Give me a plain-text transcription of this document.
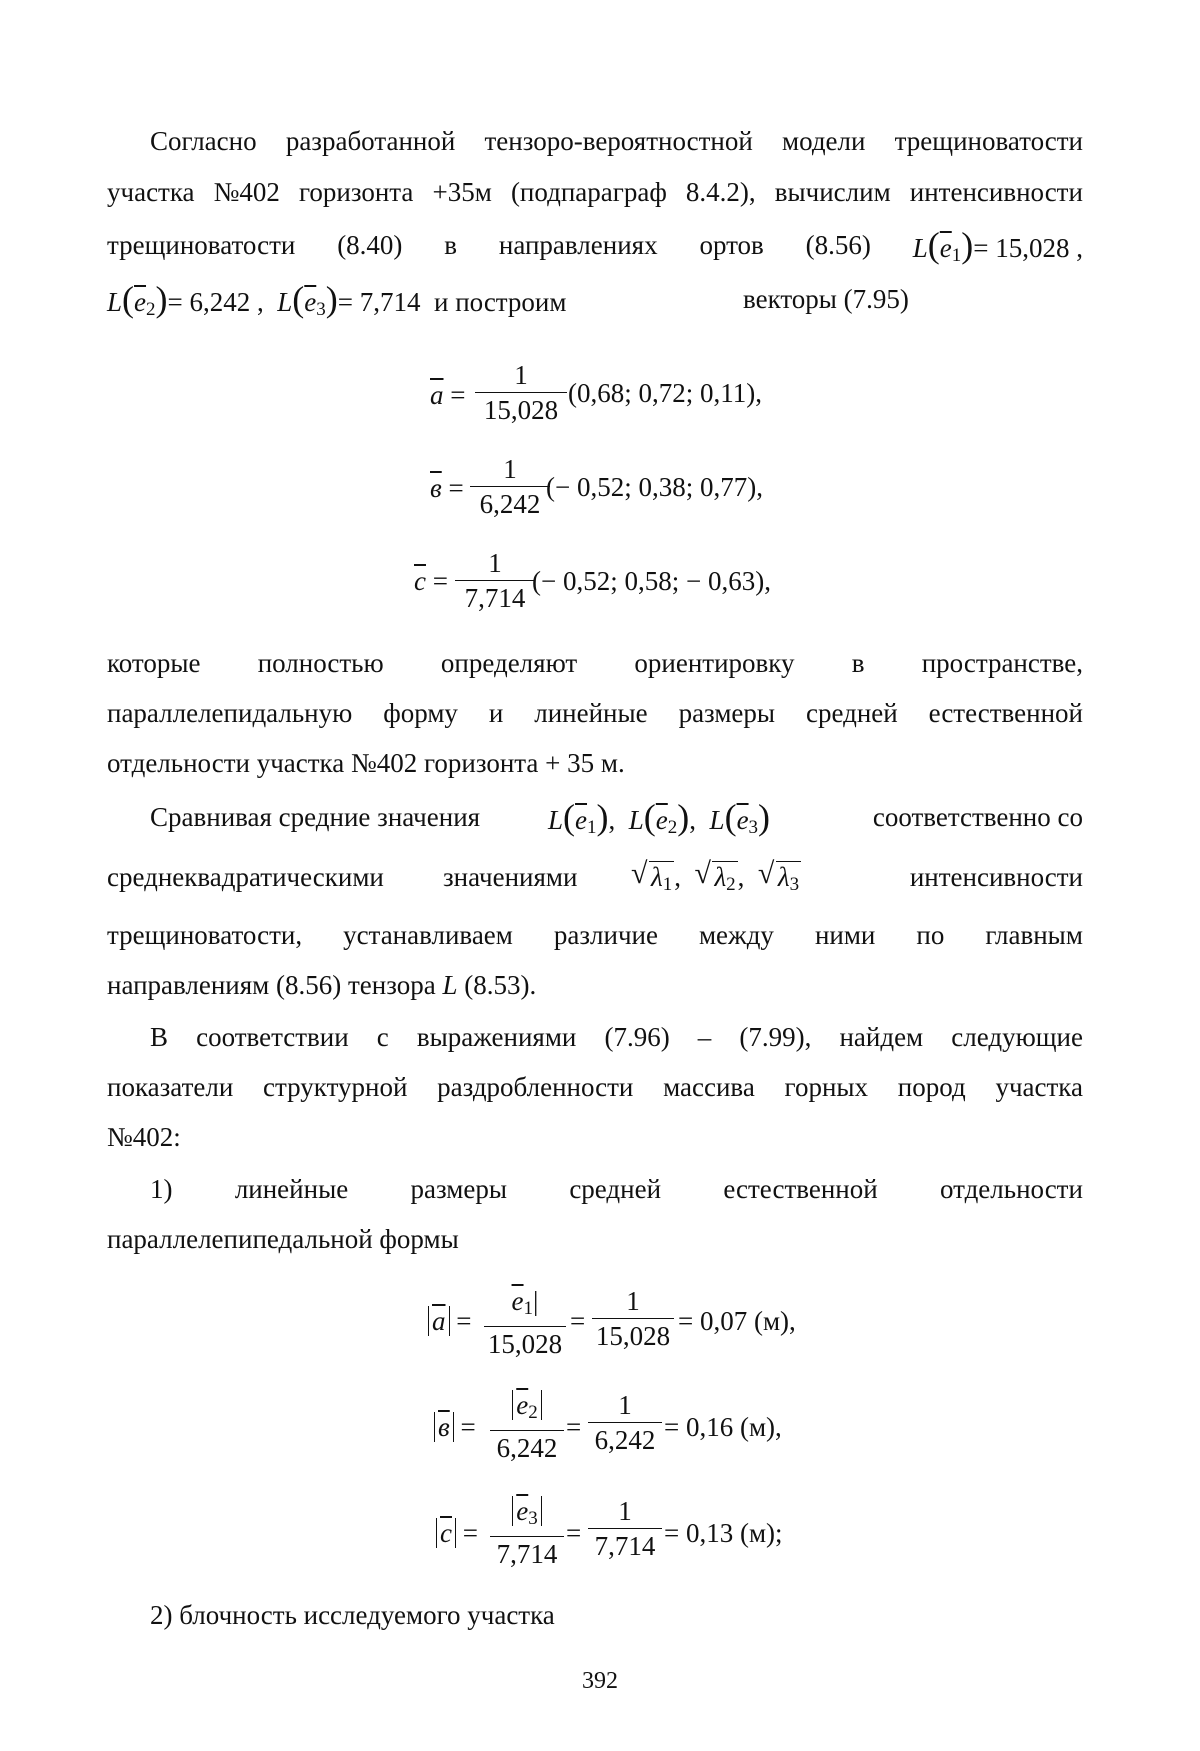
Согласно разработанной тензоро-вероятностной модели трещиноватости
участка №402 горизонта +35м (подпараграф 8.4.2), вычислим интенсивности
трещиноватости (8.40) в направлениях ортов (8.56) $L(\overline{e}_1)= 15,028$ ,
$L(\overline{e}_2)= 6,242$ , $L(\overline{e}_3)= 7,714$ и построим	векторы (7.95)
$\overline{a} = \frac{1}{15,028} (0,68$; 0,72; 0,11),
$в = \frac{1}{6,242}$
(− 0,52; 0,38; 0,77),
$\overline{c} = \frac{1}{7,714}$
(− 0,52; 0,58; − 0,63),
которые полностью определяют ориентировку в пространстве,
параллелепидальную форму и линейные размеры средней естественной
отдельности участка №402 горизонта + 35 м.
Сравнивая средние значения	$L(\overline{e}_1)$,  $L(\overline{e}_2)$,  $L(\overline{e}_3)$	соответственно со
среднеквадратическими значениями	√ $\lambda_1$,  √ $\lambda_2$,  √ $\lambda_3$	интенсивности
трещиноватости, устанавливаем различие между ними по главным
направлениям (8.56) тензора L (8.53).
В соответствии с выражениями (7.96) – (7.99), найдем следующие
показатели структурной раздробленности массива горных пород участка
№402:
1) линейные размеры средней естественной отдельности
параллелепипедальной формы
$\overline{a} = \frac{\overline{e}_1|}{15,028} = \frac{1}{15,028} = 0,07$ (м),
$в = \frac{\overline{e}_2}{6,242} = \frac{1}{6,242} = 0,16$ (м),
$\overline{c} = \frac{\overline{e}_3}{7,714} = \frac{1}{7,714} = 0,13$ (м);
2) блочность исследуемого участка
392
